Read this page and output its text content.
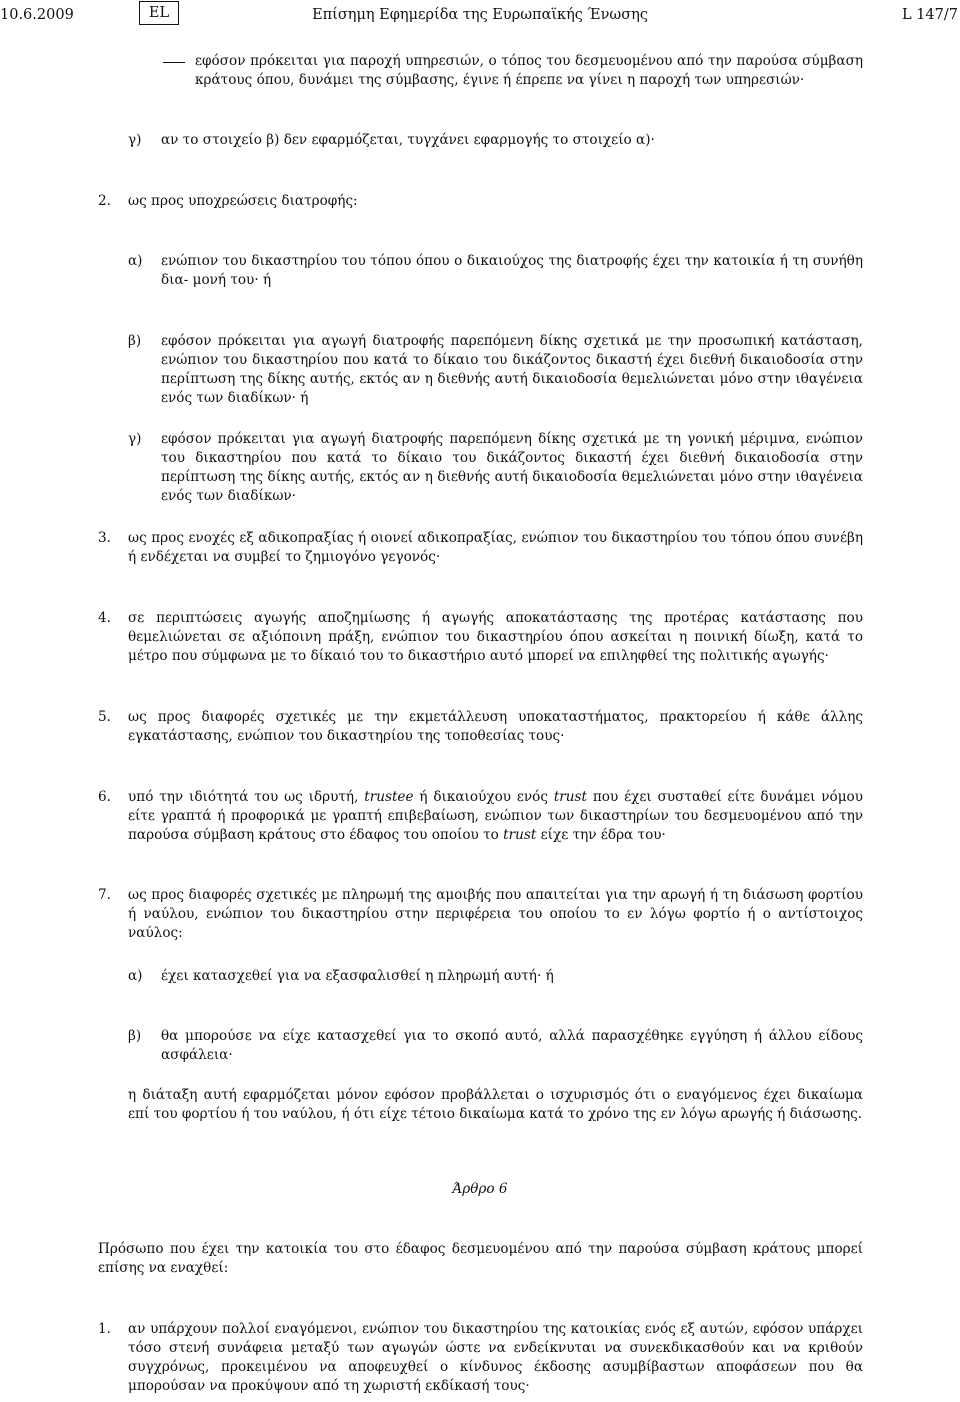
10.6.2009	EL	Επίσημη Εφημερίδα της Ευρωπαϊκής Ένωσης	L 147/7
εφόσον πρόκειται για παροχή υπηρεσιών, ο τόπος του δεσμευομένου από την παρούσα σύμβαση κράτους όπου, δυνάμει της σύμβασης, έγινε ή έπρεπε να γίνει η παροχή των υπηρεσιών·
γ) αν το στοιχείο β) δεν εφαρμόζεται, τυγχάνει εφαρμογής το στοιχείο α)·
2. ως προς υποχρεώσεις διατροφής:
α) ενώπιον του δικαστηρίου του τόπου όπου ο δικαιούχος της διατροφής έχει την κατοικία ή τη συνήθη δια- μονή του· ή
β) εφόσον πρόκειται για αγωγή διατροφής παρεπόμενη δίκης σχετικά με την προσωπική κατάσταση, ενώπιον του δικαστηρίου που κατά το δίκαιο του δικάζοντος δικαστή έχει διεθνή δικαιοδοσία στην περίπτωση της δίκης αυτής, εκτός αν η διεθνής αυτή δικαιοδοσία θεμελιώνεται μόνο στην ιθαγένεια ενός των διαδίκων· ή
γ) εφόσον πρόκειται για αγωγή διατροφής παρεπόμενη δίκης σχετικά με τη γονική μέριμνα, ενώπιον του δικαστηρίου που κατά το δίκαιο του δικάζοντος δικαστή έχει διεθνή δικαιοδοσία στην περίπτωση της δίκης αυτής, εκτός αν η διεθνής αυτή δικαιοδοσία θεμελιώνεται μόνο στην ιθαγένεια ενός των διαδίκων·
3. ως προς ενοχές εξ αδικοπραξίας ή οιονεί αδικοπραξίας, ενώπιον του δικαστηρίου του τόπου όπου συνέβη ή ενδέχεται να συμβεί το ζημιογόνο γεγονός·
4. σε περιπτώσεις αγωγής αποζημίωσης ή αγωγής αποκατάστασης της προτέρας κατάστασης που θεμελιώνεται σε αξιόποινη πράξη, ενώπιον του δικαστηρίου όπου ασκείται η ποινική δίωξη, κατά το μέτρο που σύμφωνα με το δίκαιό του το δικαστήριο αυτό μπορεί να επιληφθεί της πολιτικής αγωγής·
5. ως προς διαφορές σχετικές με την εκμετάλλευση υποκαταστήματος, πρακτορείου ή κάθε άλλης εγκατάστασης, ενώπιον του δικαστηρίου της τοποθεσίας τους·
6. υπό την ιδιότητά του ως ιδρυτή, trustee ή δικαιούχου ενός trust που έχει συσταθεί είτε δυνάμει νόμου είτε γραπτά ή προφορικά με γραπτή επιβεβαίωση, ενώπιον των δικαστηρίων του δεσμευομένου από την παρούσα σύμβαση κράτους στο έδαφος του οποίου το trust είχε την έδρα του·
7. ως προς διαφορές σχετικές με πληρωμή της αμοιβής που απαιτείται για την αρωγή ή τη διάσωση φορτίου ή ναύλου, ενώπιον του δικαστηρίου στην περιφέρεια του οποίου το εν λόγω φορτίο ή ο αντίστοιχος ναύλος:
α) έχει κατασχεθεί για να εξασφαλισθεί η πληρωμή αυτή· ή
β) θα μπορούσε να είχε κατασχεθεί για το σκοπό αυτό, αλλά παρασχέθηκε εγγύηση ή άλλου είδους ασφάλεια·
η διάταξη αυτή εφαρμόζεται μόνον εφόσον προβάλλεται ο ισχυρισμός ότι ο εναγόμενος έχει δικαίωμα επί του φορτίου ή του ναύλου, ή ότι είχε τέτοιο δικαίωμα κατά το χρόνο της εν λόγω αρωγής ή διάσωσης.
Άρθρο 6
Πρόσωπο που έχει την κατοικία του στο έδαφος δεσμευομένου από την παρούσα σύμβαση κράτους μπορεί επίσης να εναχθεί:
1. αν υπάρχουν πολλοί εναγόμενοι, ενώπιον του δικαστηρίου της κατοικίας ενός εξ αυτών, εφόσον υπάρχει τόσο στενή συνάφεια μεταξύ των αγωγών ώστε να ενδείκνυται να συνεκδικασθούν και να κριθούν συγχρόνως, προκειμένου να αποφευχθεί ο κίνδυνος έκδοσης ασυμβίβαστων αποφάσεων που θα μπορούσαν να προκύψουν από τη χωριστή εκδίκασή τους·
